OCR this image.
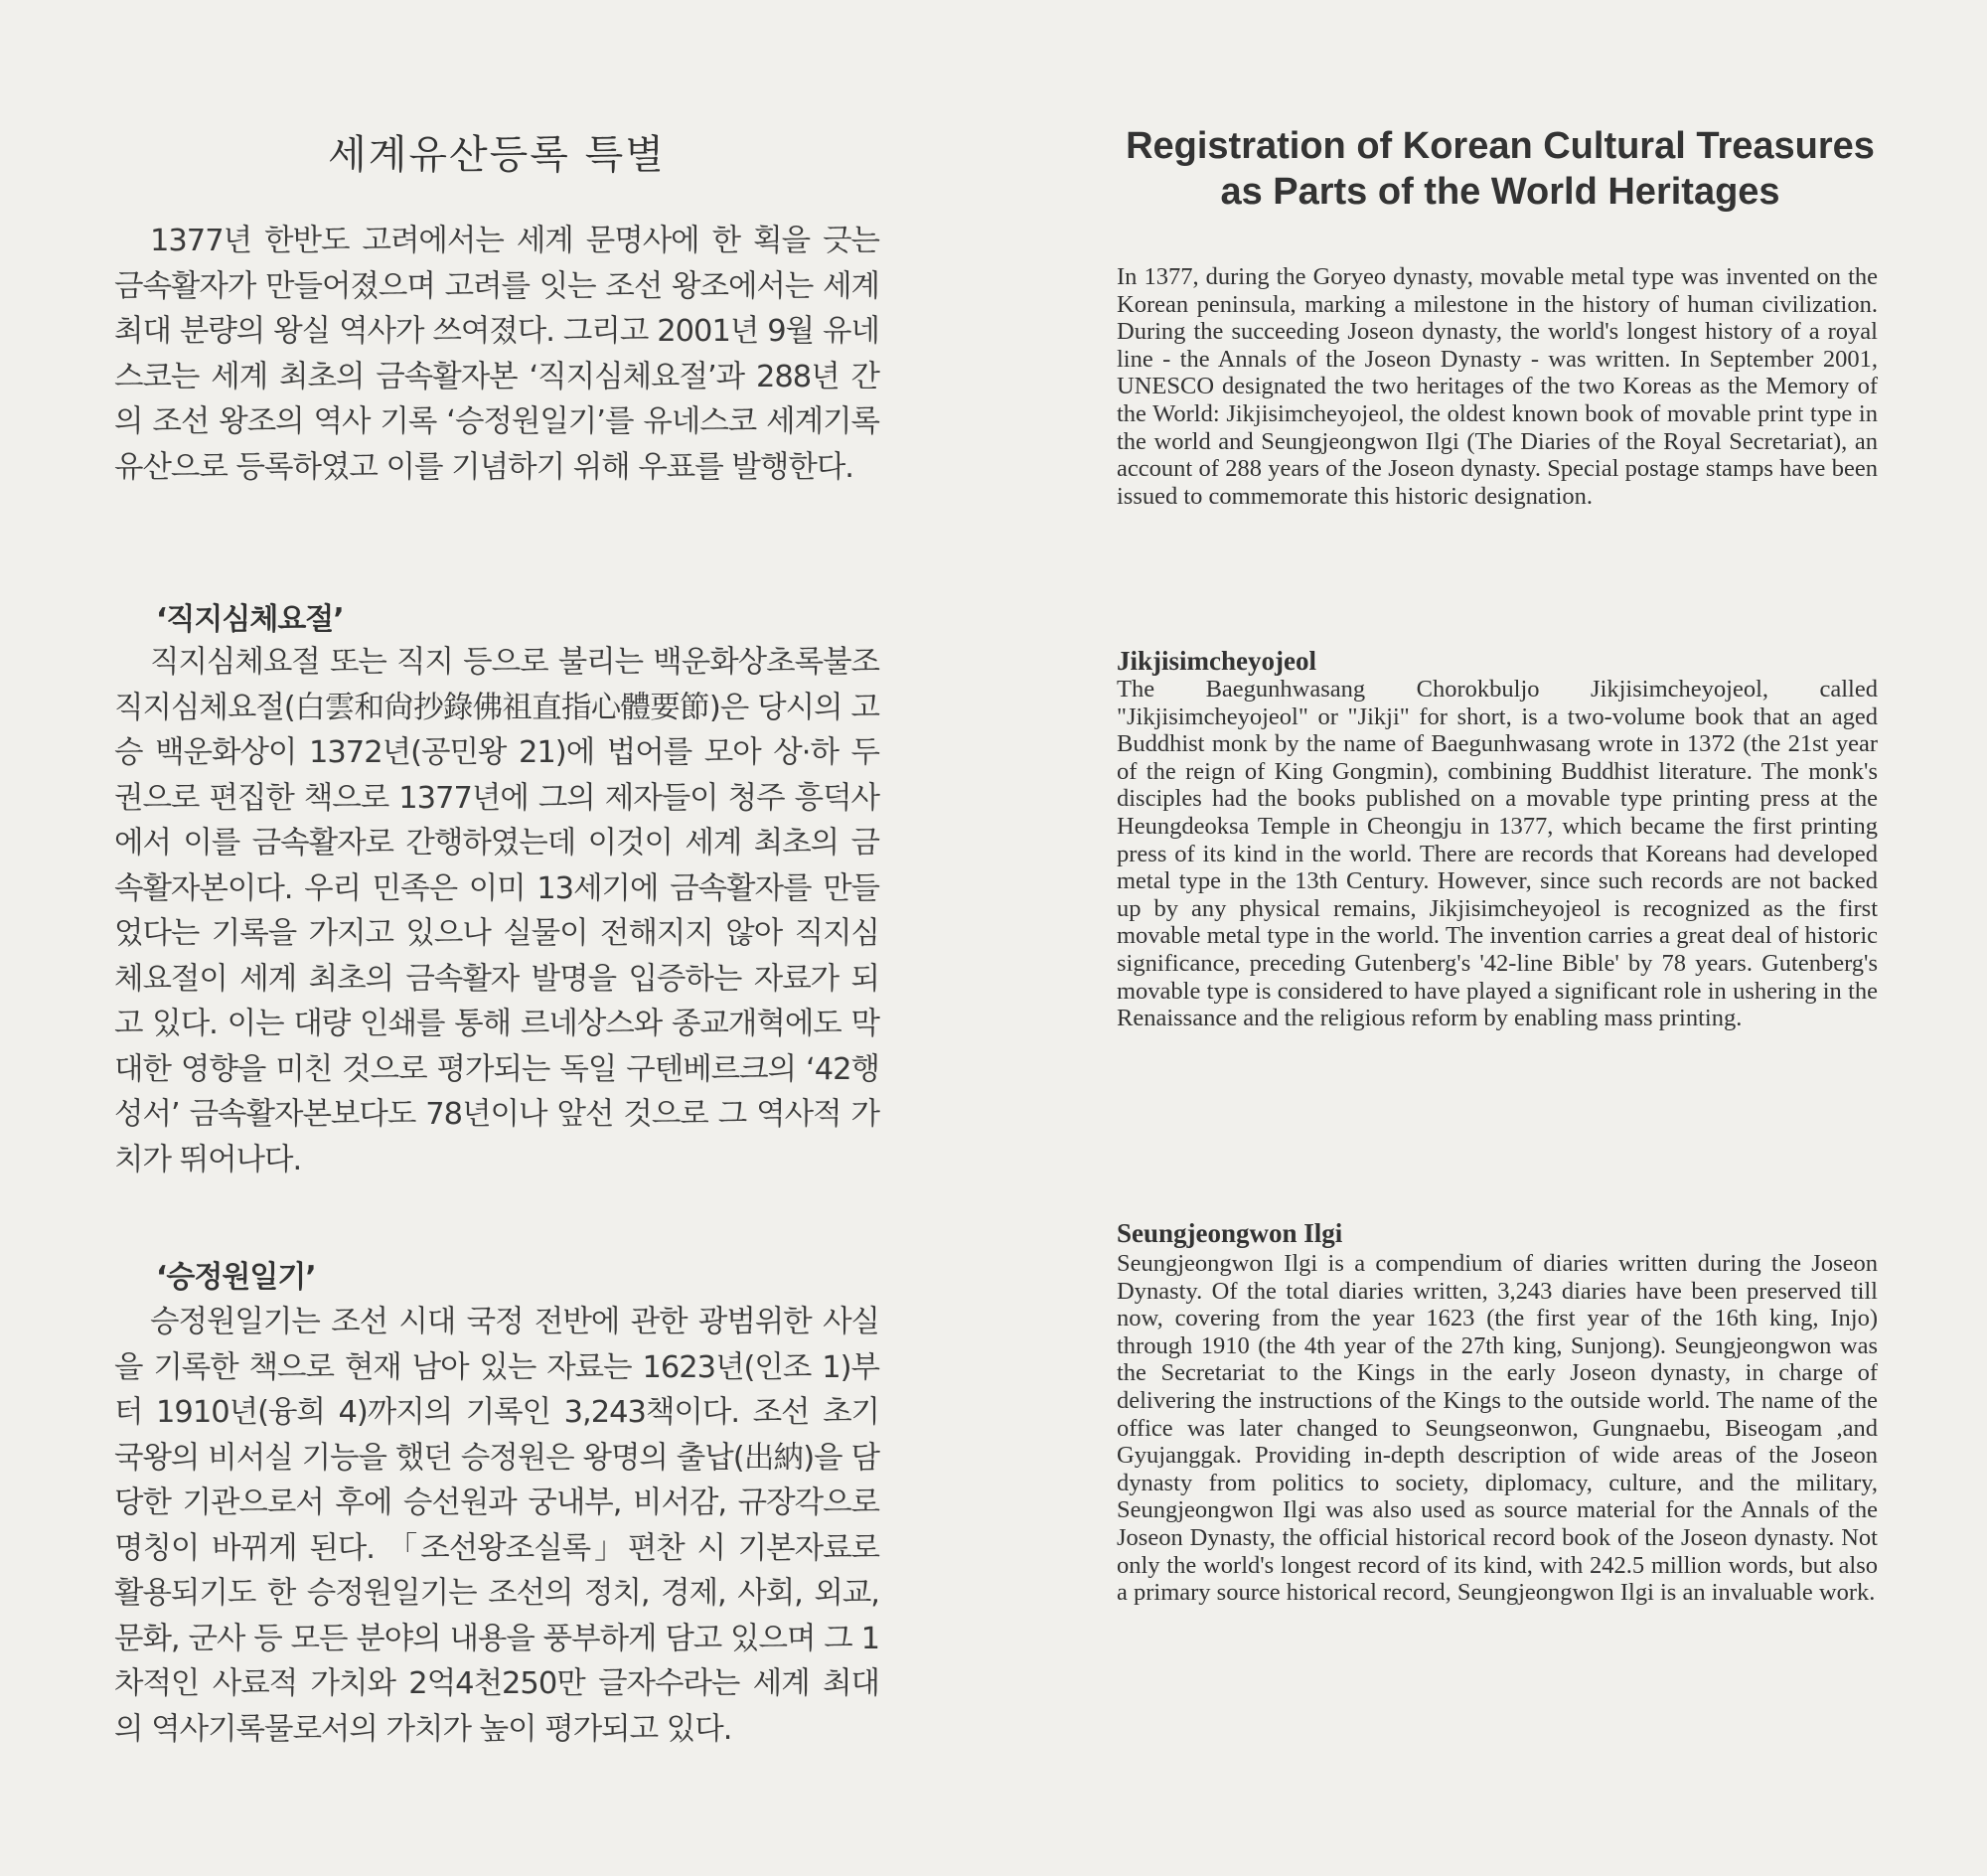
세계유산등록 특별

1377년 한반도 고려에서는 세계 문명사에 한 획을 긋는 금속활자가 만들어졌으며 고려를 잇는 조선 왕조에서는 세계 최대 분량의 왕실 역사가 쓰여졌다. 그리고 2001년 9월 유네스코는 세계 최초의 금속활자본 ‘직지심체요절’과 288년 간의 조선 왕조의 역사 기록 ‘승정원일기’를 유네스코 세계기록유산으로 등록하였고 이를 기념하기 위해 우표를 발행한다.

‘직지심체요절’

직지심체요절 또는 직지 등으로 불리는 백운화상초록불조직지심체요절(白雲和尙抄錄佛祖直指心體要節)은 당시의 고승 백운화상이 1372년(공민왕 21)에 법어를 모아 상·하 두 권으로 편집한 책으로 1377년에 그의 제자들이 청주 흥덕사에서 이를 금속활자로 간행하였는데 이것이 세계 최초의 금속활자본이다. 우리 민족은 이미 13세기에 금속활자를 만들었다는 기록을 가지고 있으나 실물이 전해지지 않아 직지심체요절이 세계 최초의 금속활자 발명을 입증하는 자료가 되고 있다. 이는 대량 인쇄를 통해 르네상스와 종교개혁에도 막대한 영향을 미친 것으로 평가되는 독일 구텐베르크의 ‘42행 성서’ 금속활자본보다도 78년이나 앞선 것으로 그 역사적 가치가 뛰어나다.

‘승정원일기’

승정원일기는 조선 시대 국정 전반에 관한 광범위한 사실을 기록한 책으로 현재 남아 있는 자료는 1623년(인조 1)부터 1910년(융희 4)까지의 기록인 3,243책이다. 조선 초기 국왕의 비서실 기능을 했던 승정원은 왕명의 출납(出納)을 담당한 기관으로서 후에 승선원과 궁내부, 비서감, 규장각으로 명칭이 바뀌게 된다. 「조선왕조실록」편찬 시 기본자료로 활용되기도 한 승정원일기는 조선의 정치, 경제, 사회, 외교, 문화, 군사 등 모든 분야의 내용을 풍부하게 담고 있으며 그 1차적인 사료적 가치와 2억4천250만 글자수라는 세계 최대의 역사기록물로서의 가치가 높이 평가되고 있다.

Registration of Korean Cultural Treasures
as Parts of the World Heritages

In 1377, during the Goryeo dynasty, movable metal type was invented on the Korean peninsula, marking a milestone in the history of human civilization. During the succeeding Joseon dynasty, the world's longest history of a royal line - the Annals of the Joseon Dynasty - was written. In September 2001, UNESCO designated the two heritages of the two Koreas as the Memory of the World: Jikjisimcheyojeol, the oldest known book of movable print type in the world and Seungjeongwon Ilgi (The Diaries of the Royal Secretariat), an account of 288 years of the Joseon dynasty. Special postage stamps have been issued to commemorate this historic designation.

Jikjisimcheyojeol

The Baegunhwasang Chorokbuljo Jikjisimcheyojeol, called "Jikjisimcheyojeol" or "Jikji" for short, is a two-volume book that an aged Buddhist monk by the name of Baegunhwasang wrote in 1372 (the 21st year of the reign of King Gongmin), combining Buddhist literature. The monk's disciples had the books published on a movable type printing press at the Heungdeoksa Temple in Cheongju in 1377, which became the first printing press of its kind in the world. There are records that Koreans had developed metal type in the 13th Century. However, since such records are not backed up by any physical remains, Jikjisimcheyojeol is recognized as the first movable metal type in the world. The invention carries a great deal of historic significance, preceding Gutenberg's '42-line Bible' by 78 years. Gutenberg's movable type is considered to have played a significant role in ushering in the Renaissance and the religious reform by enabling mass printing.

Seungjeongwon Ilgi

Seungjeongwon Ilgi is a compendium of diaries written during the Joseon Dynasty. Of the total diaries written, 3,243 diaries have been preserved till now, covering from the year 1623 (the first year of the 16th king, Injo) through 1910 (the 4th year of the 27th king, Sunjong). Seungjeongwon was the Secretariat to the Kings in the early Joseon dynasty, in charge of delivering the instructions of the Kings to the outside world. The name of the office was later changed to Seungseonwon, Gungnaebu, Biseogam ,and Gyujanggak. Providing in-depth description of wide areas of the Joseon dynasty from politics to society, diplomacy, culture, and the military, Seungjeongwon Ilgi was also used as source material for the Annals of the Joseon Dynasty, the official historical record book of the Joseon dynasty. Not only the world's longest record of its kind, with 242.5 million words, but also a primary source historical record, Seungjeongwon Ilgi is an invaluable work.
